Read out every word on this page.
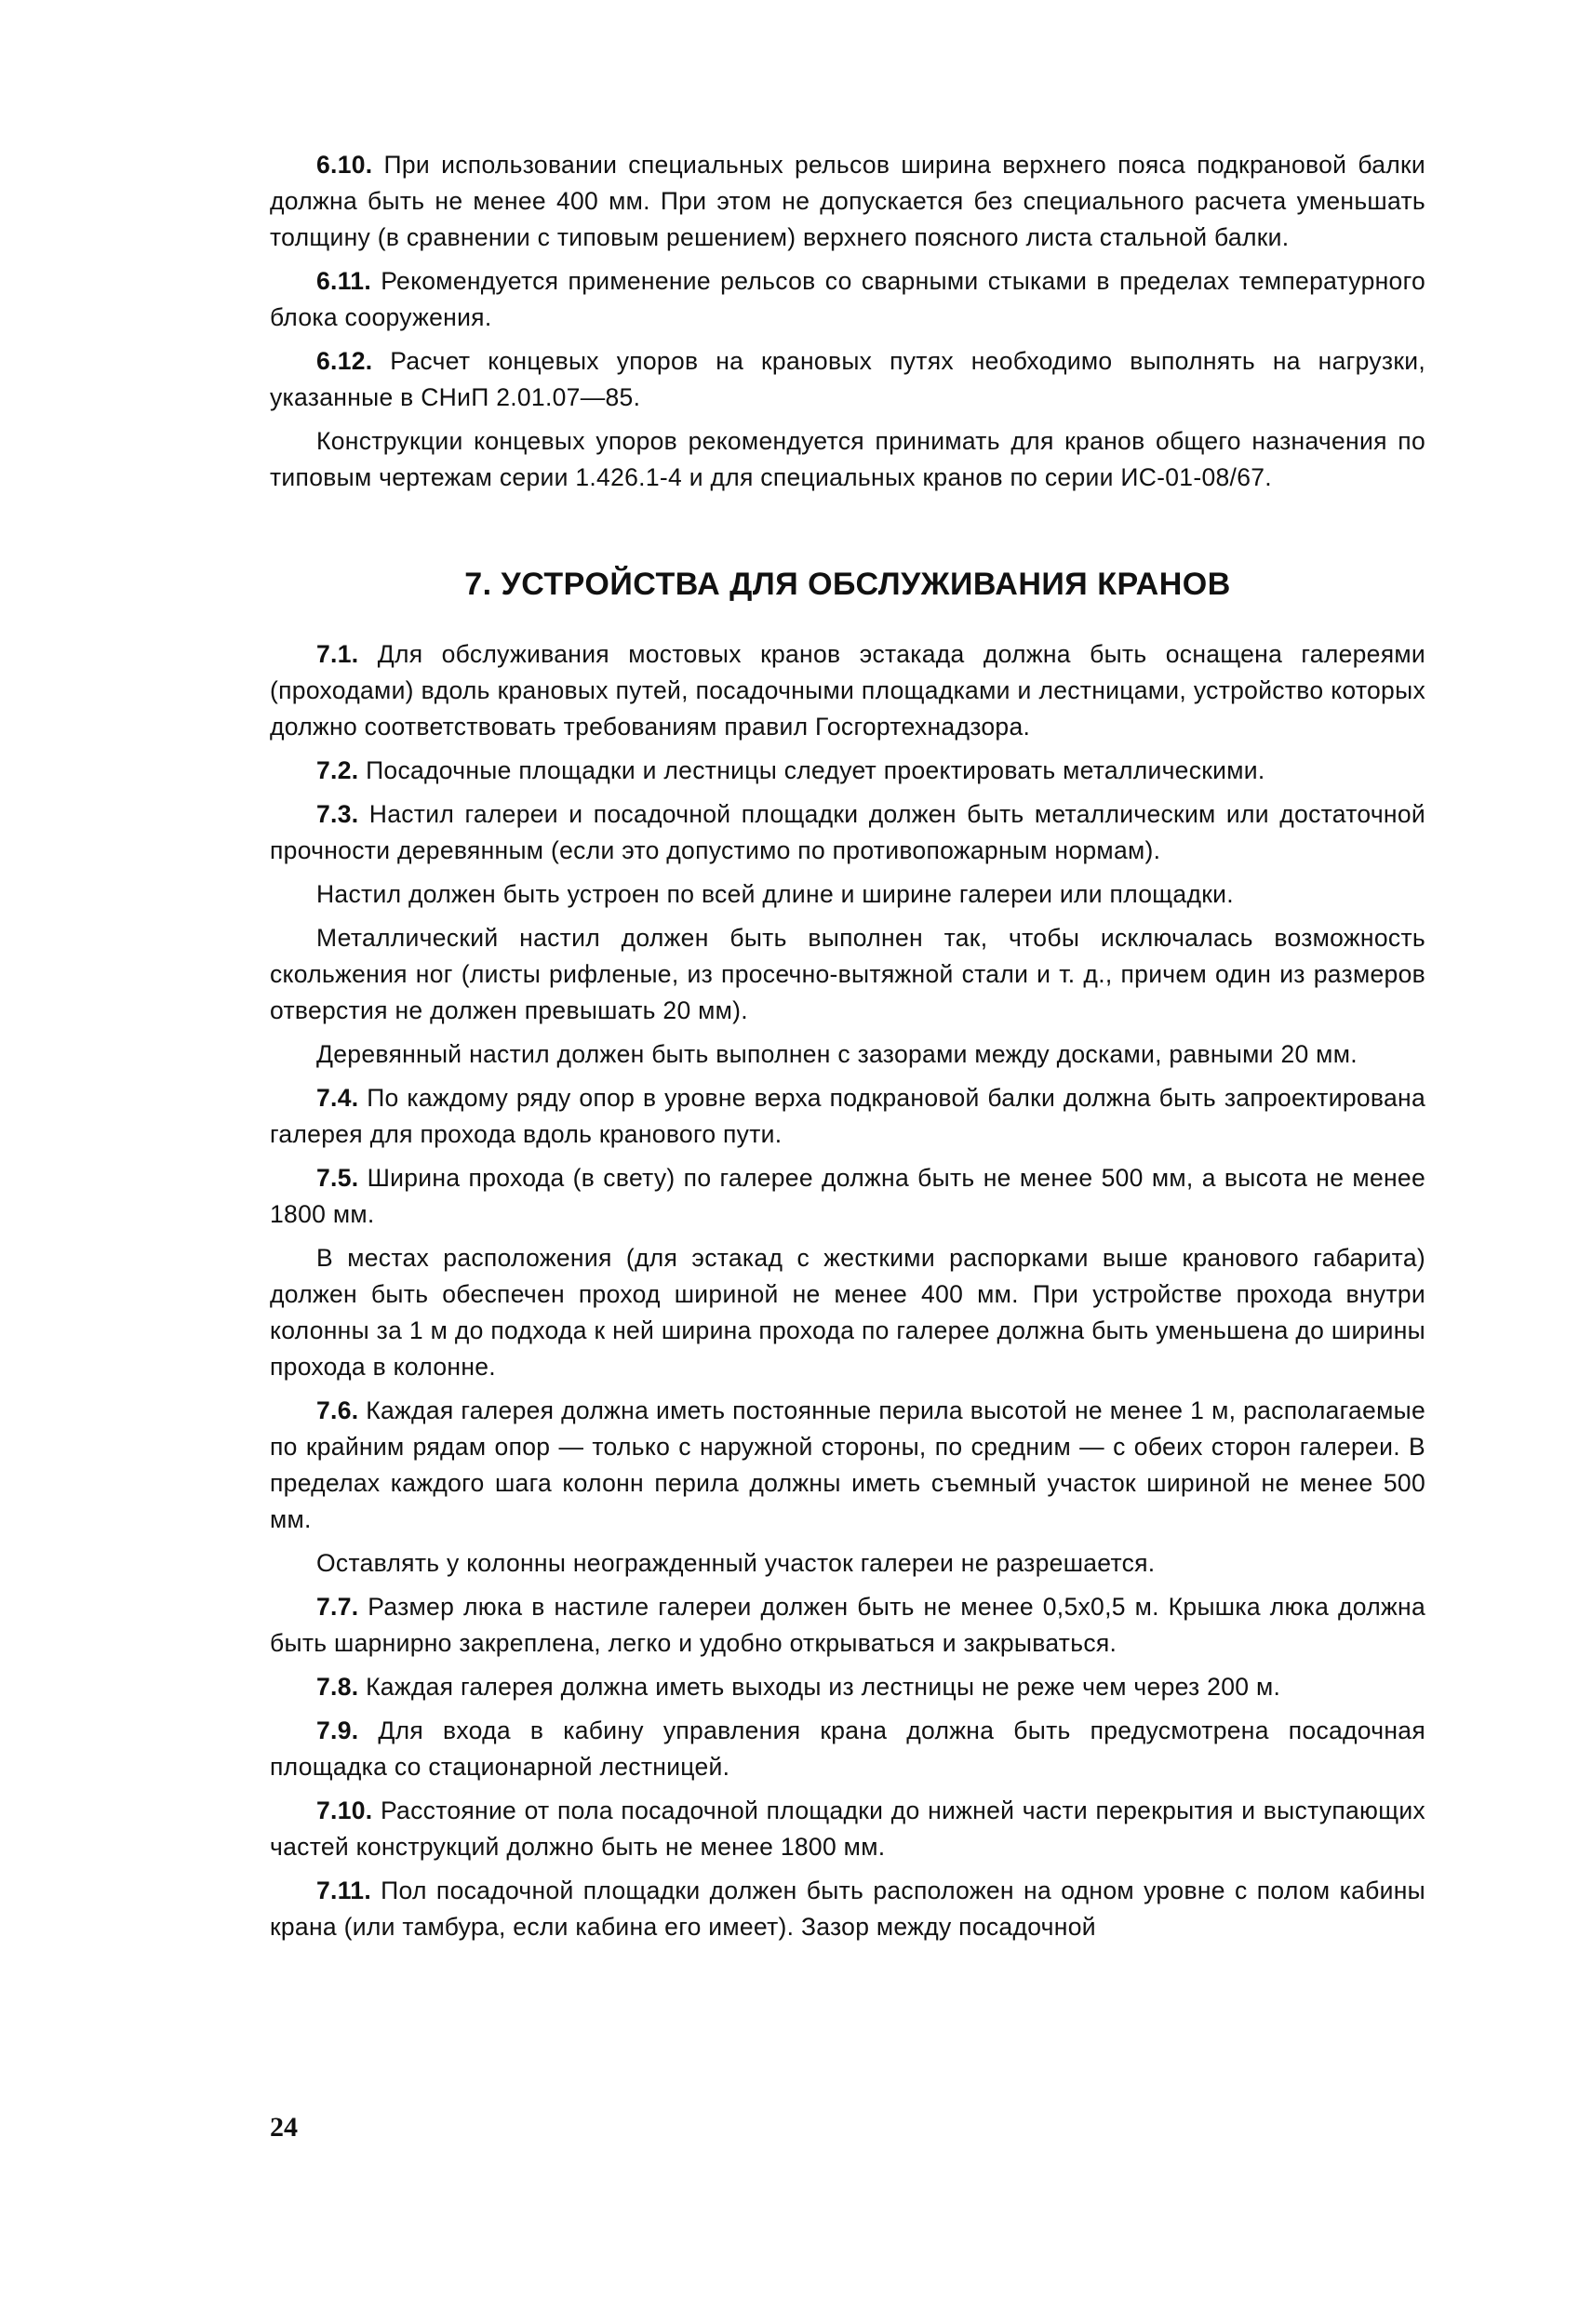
6.10. При использовании специальных рельсов ширина верхнего пояса подкрановой балки должна быть не менее 400 мм. При этом не допускается без специального расчета уменьшать толщину (в сравнении с типовым решением) верхнего поясного листа стальной балки.

6.11. Рекомендуется применение рельсов со сварными стыками в пределах температурного блока сооружения.

6.12. Расчет концевых упоров на крановых путях необходимо выполнять на нагрузки, указанные в СНиП 2.01.07—85.

Конструкции концевых упоров рекомендуется принимать для кранов общего назначения по типовым чертежам серии 1.426.1-4 и для специальных кранов по серии ИС-01-08/67.

7. УСТРОЙСТВА ДЛЯ ОБСЛУЖИВАНИЯ КРАНОВ

7.1. Для обслуживания мостовых кранов эстакада должна быть оснащена галереями (проходами) вдоль крановых путей, посадочными площадками и лестницами, устройство которых должно соответствовать требованиям правил Госгортехнадзора.

7.2. Посадочные площадки и лестницы следует проектировать металлическими.

7.3. Настил галереи и посадочной площадки должен быть металлическим или достаточной прочности деревянным (если это допустимо по противопожарным нормам).

Настил должен быть устроен по всей длине и ширине галереи или площадки.

Металлический настил должен быть выполнен так, чтобы исключалась возможность скольжения ног (листы рифленые, из просечно-вытяжной стали и т. д., причем один из размеров отверстия не должен превышать 20 мм).

Деревянный настил должен быть выполнен с зазорами между досками, равными 20 мм.

7.4. По каждому ряду опор в уровне верха подкрановой балки должна быть запроектирована галерея для прохода вдоль кранового пути.

7.5. Ширина прохода (в свету) по галерее должна быть не менее 500 мм, а высота не менее 1800 мм.

В местах расположения (для эстакад с жесткими распорками выше кранового габарита) должен быть обеспечен проход шириной не менее 400 мм. При устройстве прохода внутри колонны за 1 м до подхода к ней ширина прохода по галерее должна быть уменьшена до ширины прохода в колонне.

7.6. Каждая галерея должна иметь постоянные перила высотой не менее 1 м, располагаемые по крайним рядам опор — только с наружной стороны, по средним — с обеих сторон галереи. В пределах каждого шага колонн перила должны иметь съемный участок шириной не менее 500 мм.

Оставлять у колонны неогражденный участок галереи не разрешается.

7.7. Размер люка в настиле галереи должен быть не менее 0,5х0,5 м. Крышка люка должна быть шарнирно закреплена, легко и удобно открываться и закрываться.

7.8. Каждая галерея должна иметь выходы из лестницы не реже чем через 200 м.

7.9. Для входа в кабину управления крана должна быть предусмотрена посадочная площадка со стационарной лестницей.

7.10. Расстояние от пола посадочной площадки до нижней части перекрытия и выступающих частей конструкций должно быть не менее 1800 мм.

7.11. Пол посадочной площадки должен быть расположен на одном уровне с полом кабины крана (или тамбура, если кабина его имеет). Зазор между посадочной

24
